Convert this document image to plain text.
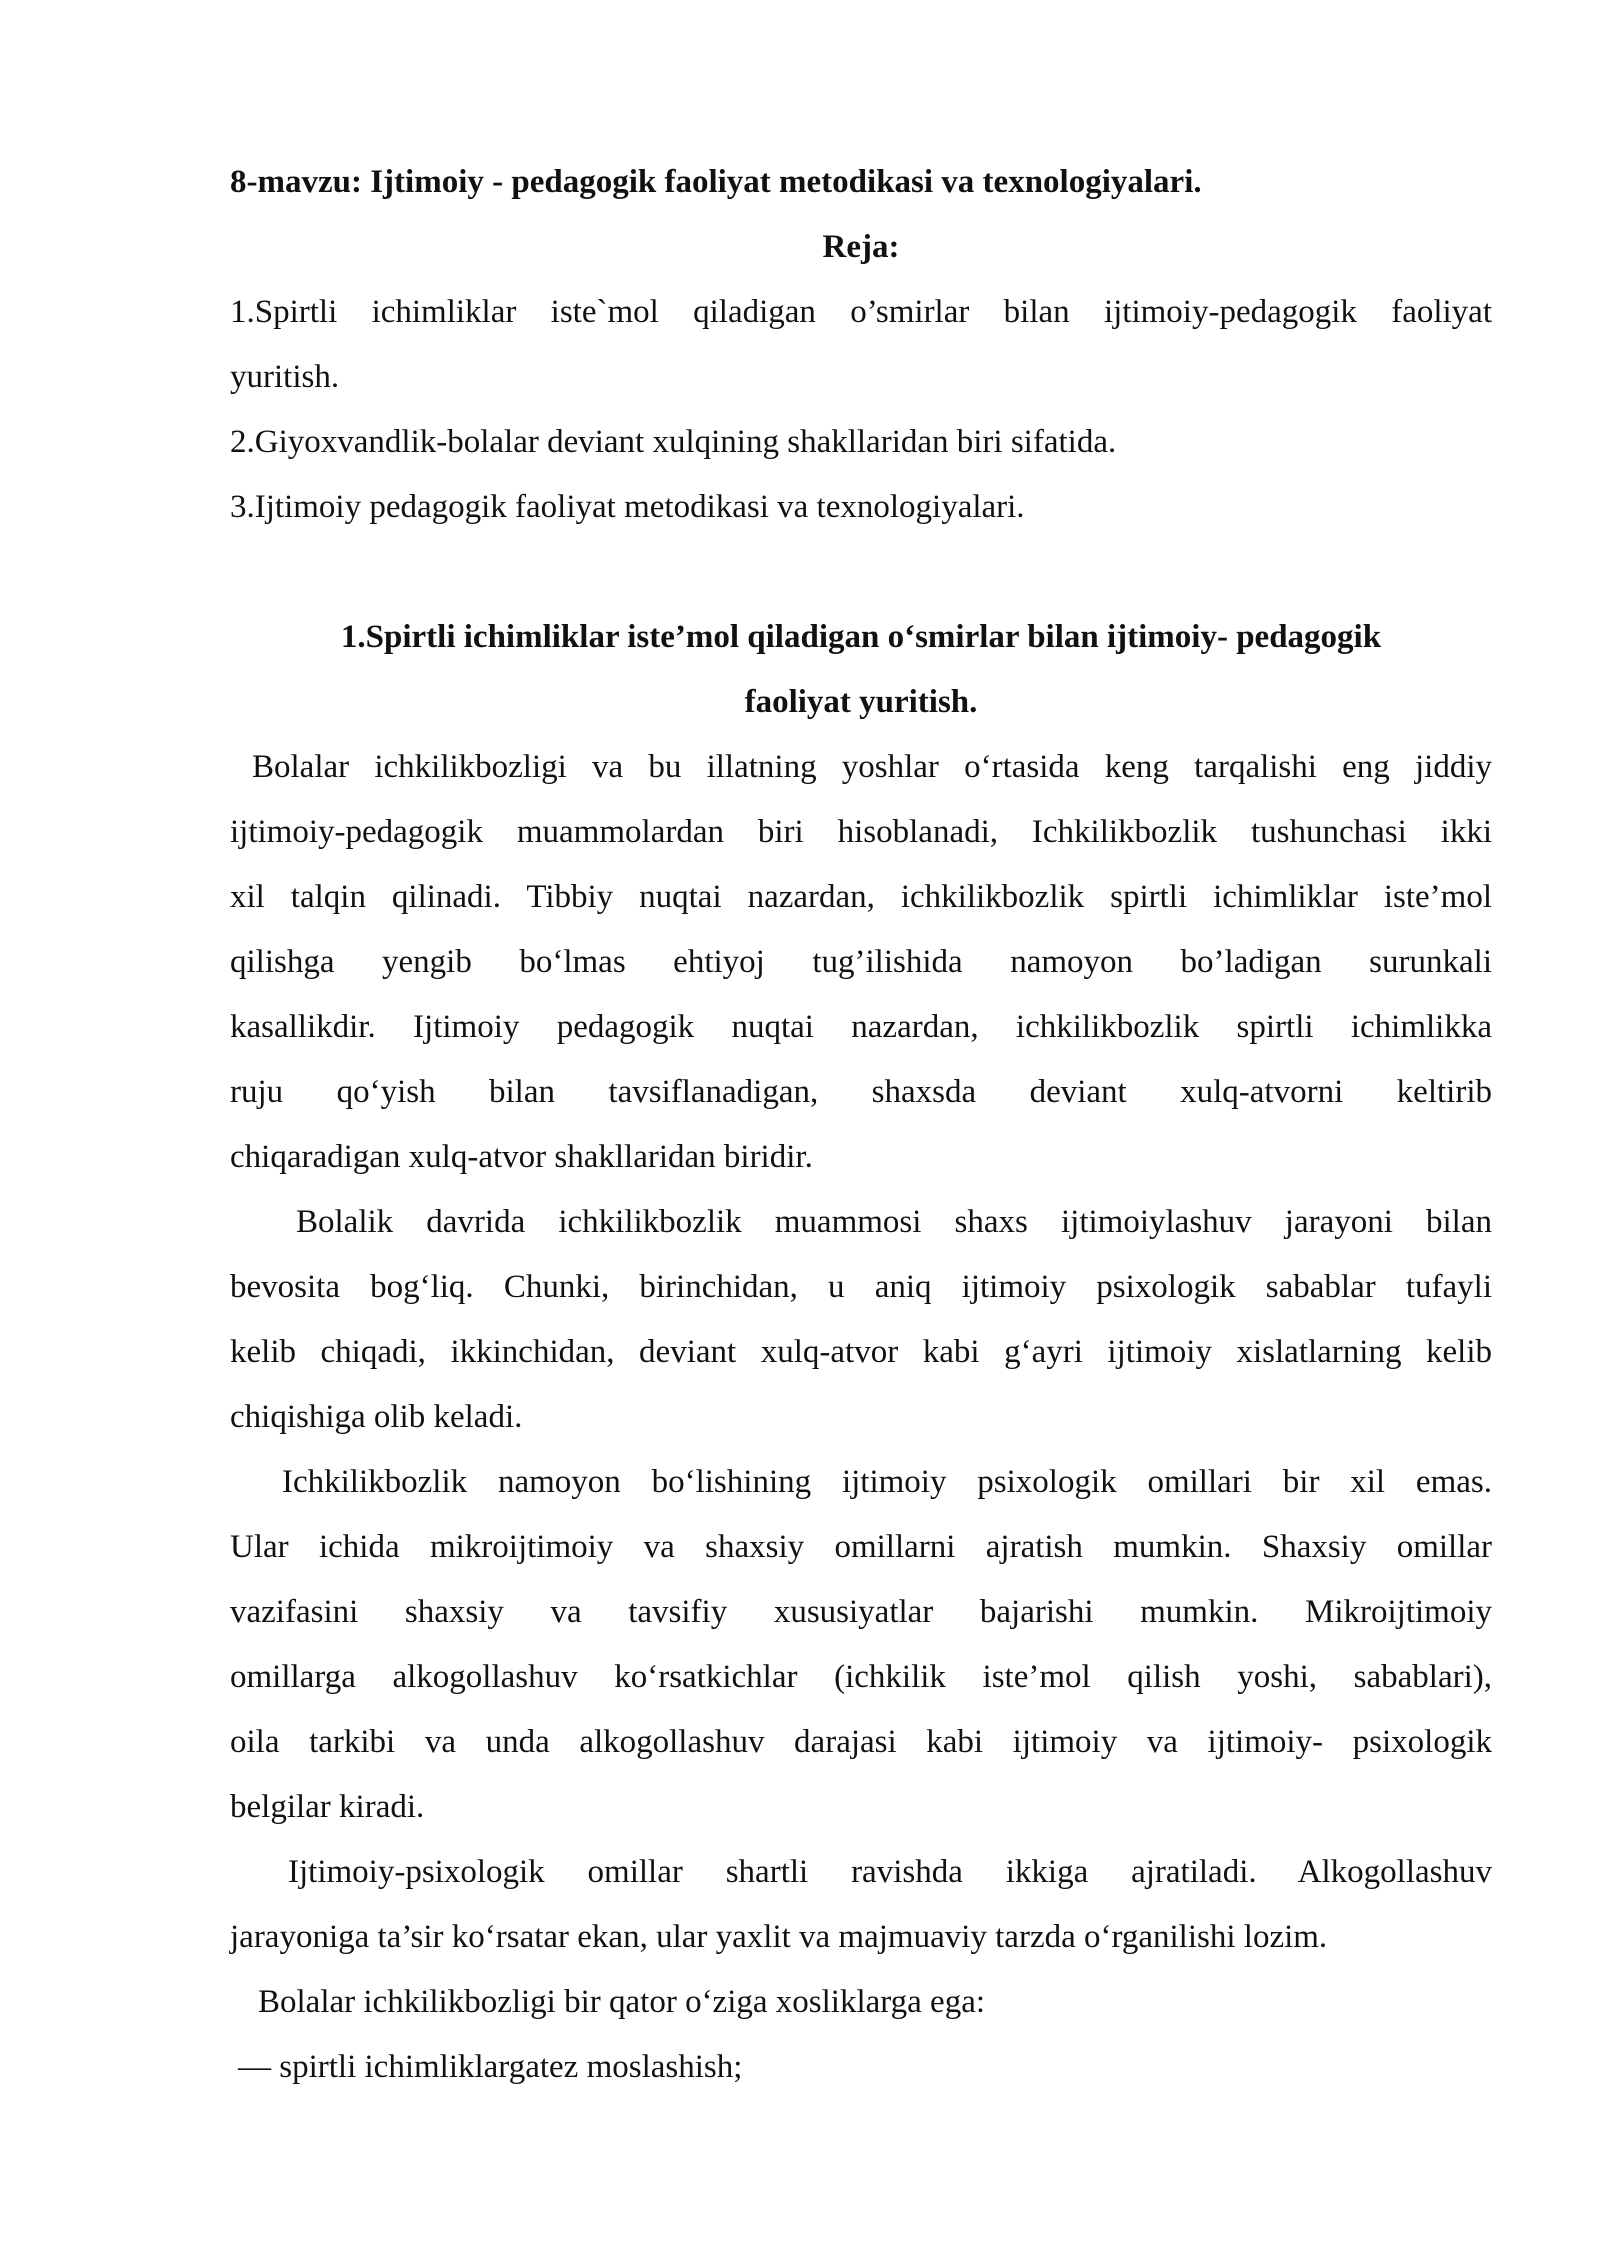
8-mavzu: Ijtimoiy - pedagogik faoliyat metodikasi va texnologiyalari.
Reja:
1.Spirtli ichimliklar iste`mol qiladigan o’smirlar bilan ijtimoiy-pedagogik faoliyat
yuritish.
2.Giyoxvandlik-bolalar deviant xulqining shakllaridan biri sifatida.
3.Ijtimoiy pedagogik faoliyat metodikasi va texnologiyalari.
1.Spirtli ichimliklar iste’mol qiladigan o‘smirlar bilan ijtimoiy- pedagogik
faoliyat yuritish.
Bolalar ichkilikbozligi va bu illatning yoshlar o‘rtasida keng tarqalishi eng jiddiy
ijtimoiy-pedagogik muammolardan biri hisoblanadi, Ichkilikbozlik tushunchasi ikki
xil talqin qilinadi. Tibbiy nuqtai nazardan, ichkilikbozlik spirtli ichimliklar iste’mol
qilishga yengib bo‘lmas ehtiyoj tug’ilishida namoyon bo’ladigan surunkali
kasallikdir. Ijtimoiy pedagogik nuqtai nazardan, ichkilikbozlik spirtli ichimlikka
ruju qo‘yish bilan tavsiflanadigan, shaxsda deviant xulq-atvorni keltirib
chiqaradigan xulq-atvor shakllaridan biridir.
Bolalik davrida ichkilikbozlik muammosi shaxs ijtimoiylashuv jarayoni bilan
bevosita bog‘liq. Chunki, birinchidan, u aniq ijtimoiy psixologik sabablar tufayli
kelib chiqadi, ikkinchidan, deviant xulq-atvor kabi g‘ayri ijtimoiy xislatlarning kelib
chiqishiga olib keladi.
Ichkilikbozlik namoyon bo‘lishining ijtimoiy psixologik omillari bir xil emas.
Ular ichida mikroijtimoiy va shaxsiy omillarni ajratish mumkin. Shaxsiy omillar
vazifasini shaxsiy va tavsifiy xususiyatlar bajarishi mumkin. Mikroijtimoiy
omillarga alkogollashuv ko‘rsatkichlar (ichkilik iste’mol qilish yoshi, sabablari),
oila tarkibi va unda alkogollashuv darajasi kabi ijtimoiy va ijtimoiy- psixologik
belgilar kiradi.
Ijtimoiy-psixologik omillar shartli ravishda ikkiga ajratiladi. Alkogollashuv
jarayoniga ta’sir ko‘rsatar ekan, ular yaxlit va majmuaviy tarzda o‘rganilishi lozim.
Bolalar ichkilikbozligi bir qator o‘ziga xosliklarga ega:
— spirtli ichimliklargatez moslashish;
